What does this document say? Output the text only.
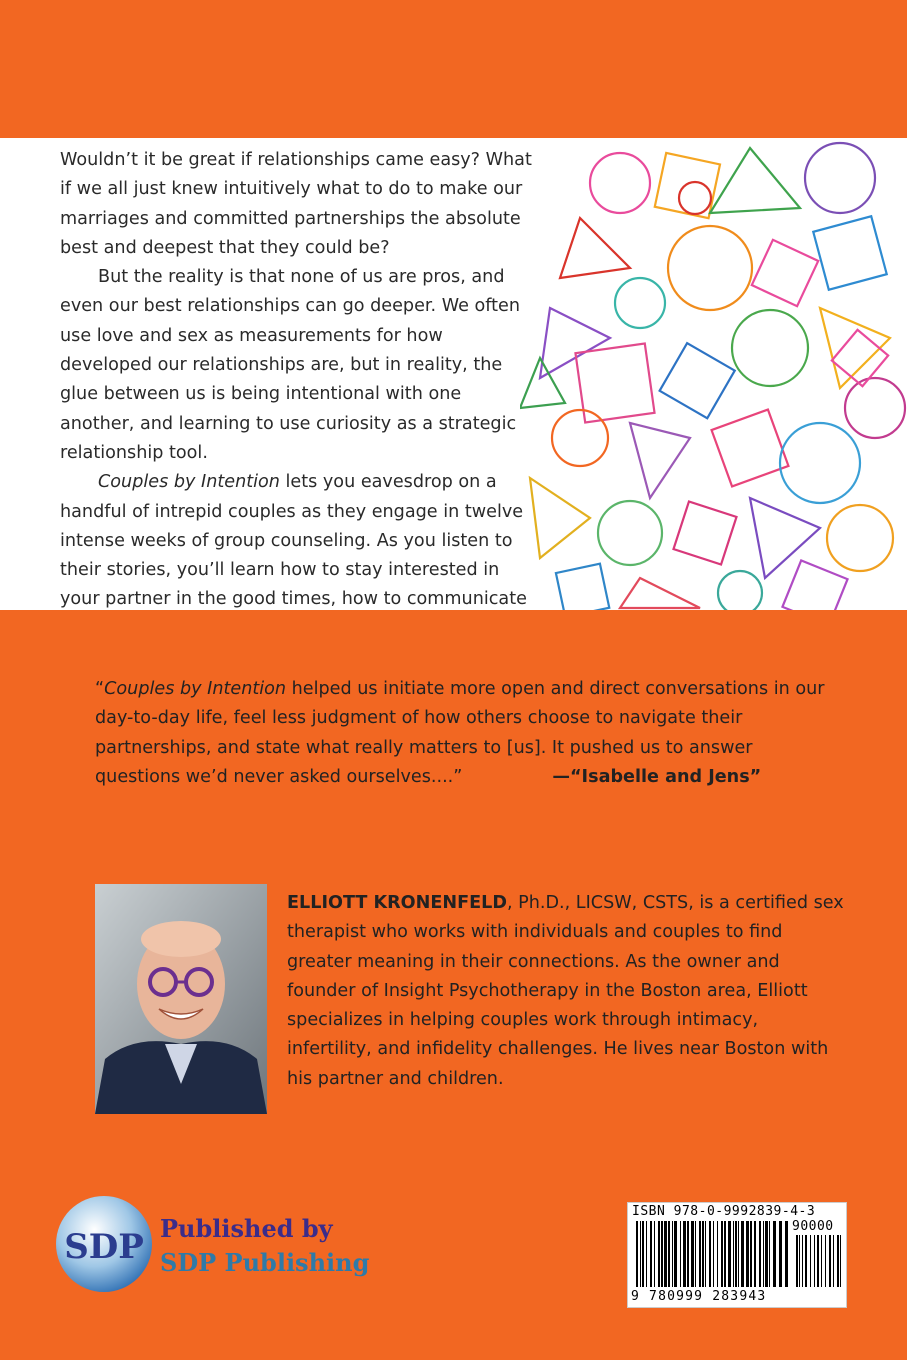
Wouldn’t it be great if relationships came easy? What if we all just knew intuitively what to do to make our marriages and committed partnerships the absolute best and deepest that they could be?

But the reality is that none of us are pros, and even our best relationships can go deeper. We often use love and sex as measurements for how developed our relationships are, but in reality, the glue between us is being intentional with one another, and learning to use curiosity as a strategic relationship tool.

Couples by Intention lets you eavesdrop on a handful of intrepid couples as they engage in twelve intense weeks of group counseling. As you listen to their stories, you’ll learn how to stay interested in your partner in the good times, how to communicate

“Couples by Intention helped us initiate more open and direct conversations in our day-to-day life, feel less judgment of how others choose to navigate their partnerships, and state what really matters to [us]. It pushed us to answer questions we’d never asked ourselves....”	—“Isabelle and Jens”
ELLIOTT KRONENFELD, Ph.D., LICSW, CSTS, is a certified sex therapist who works with individuals and couples to find greater meaning in their connections. As the owner and founder of Insight Psychotherapy in the Boston area, Elliott specializes in helping couples work through intimacy, infertility, and infidelity challenges. He lives near Boston with his partner and children.
SDP Published by
SDP Publishing
ISBN 978-0-9992839-4-3
90000
9 780999 283943
